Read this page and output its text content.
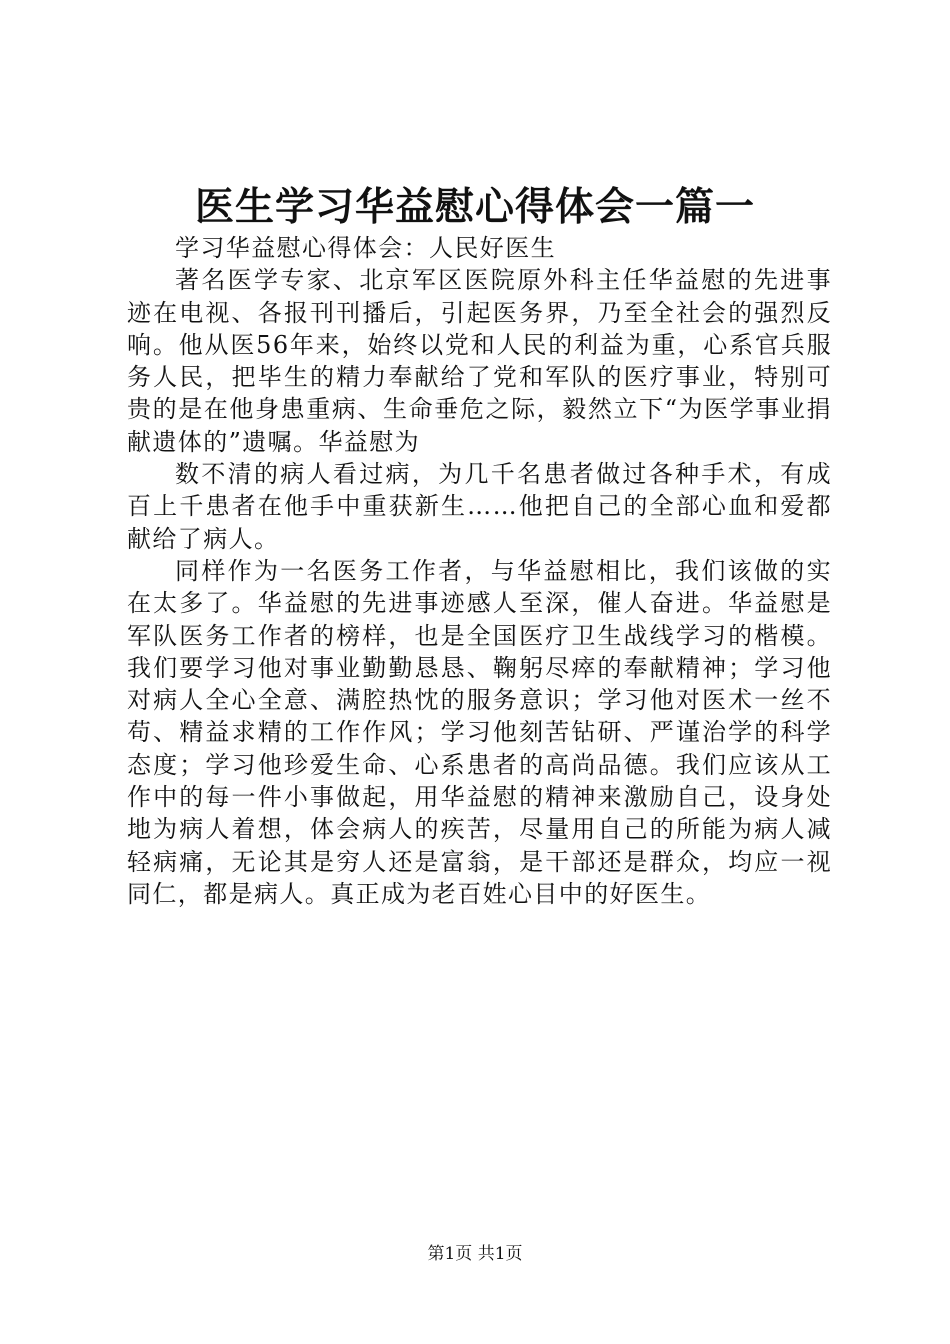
医生学习华益慰心得体会一篇一

学习华益慰心得体会：人民好医生

著名医学专家、北京军区医院原外科主任华益慰的先进事迹在电视、各报刊刊播后，引起医务界，乃至全社会的强烈反响。他从医56年来，始终以党和人民的利益为重，心系官兵服务人民，把毕生的精力奉献给了党和军队的医疗事业，特别可贵的是在他身患重病、生命垂危之际，毅然立下“为医学事业捐献遗体的”遗嘱。华益慰为

数不清的病人看过病，为几千名患者做过各种手术，有成百上千患者在他手中重获新生……他把自己的全部心血和爱都献给了病人。

同样作为一名医务工作者，与华益慰相比，我们该做的实在太多了。华益慰的先进事迹感人至深，催人奋进。华益慰是军队医务工作者的榜样，也是全国医疗卫生战线学习的楷模。我们要学习他对事业勤勤恳恳、鞠躬尽瘁的奉献精神；学习他对病人全心全意、满腔热忱的服务意识；学习他对医术一丝不苟、精益求精的工作作风；学习他刻苦钻研、严谨治学的科学态度；学习他珍爱生命、心系患者的高尚品德。我们应该从工作中的每一件小事做起，用华益慰的精神来激励自己，设身处地为病人着想，体会病人的疾苦，尽量用自己的所能为病人减轻病痛，无论其是穷人还是富翁，是干部还是群众，均应一视同仁，都是病人。真正成为老百姓心目中的好医生。

第1页 共1页
